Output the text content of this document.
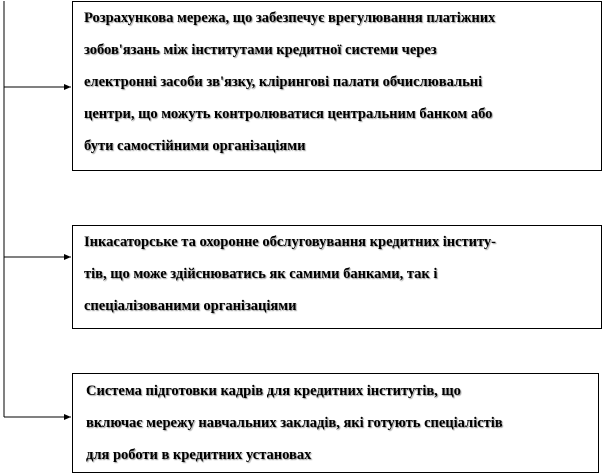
Розрахункова мережа, що забезпечує врегулювання платіжних
зобов'язань між інститутами кредитної системи через
електронні засоби зв'язку, клірингові палати обчислювальні
центри, що можуть контролюватися центральним банком або
бути самостійними організаціями
Інкасаторське та охоронне обслуговування кредитних інститу-
тів, що може здійснюватись як самими банками, так і
спеціалізованими організаціями
Система підготовки кадрів для кредитних інститутів, що
включає мережу навчальних закладів, які готують спеціалістів
для роботи в кредитних установах
